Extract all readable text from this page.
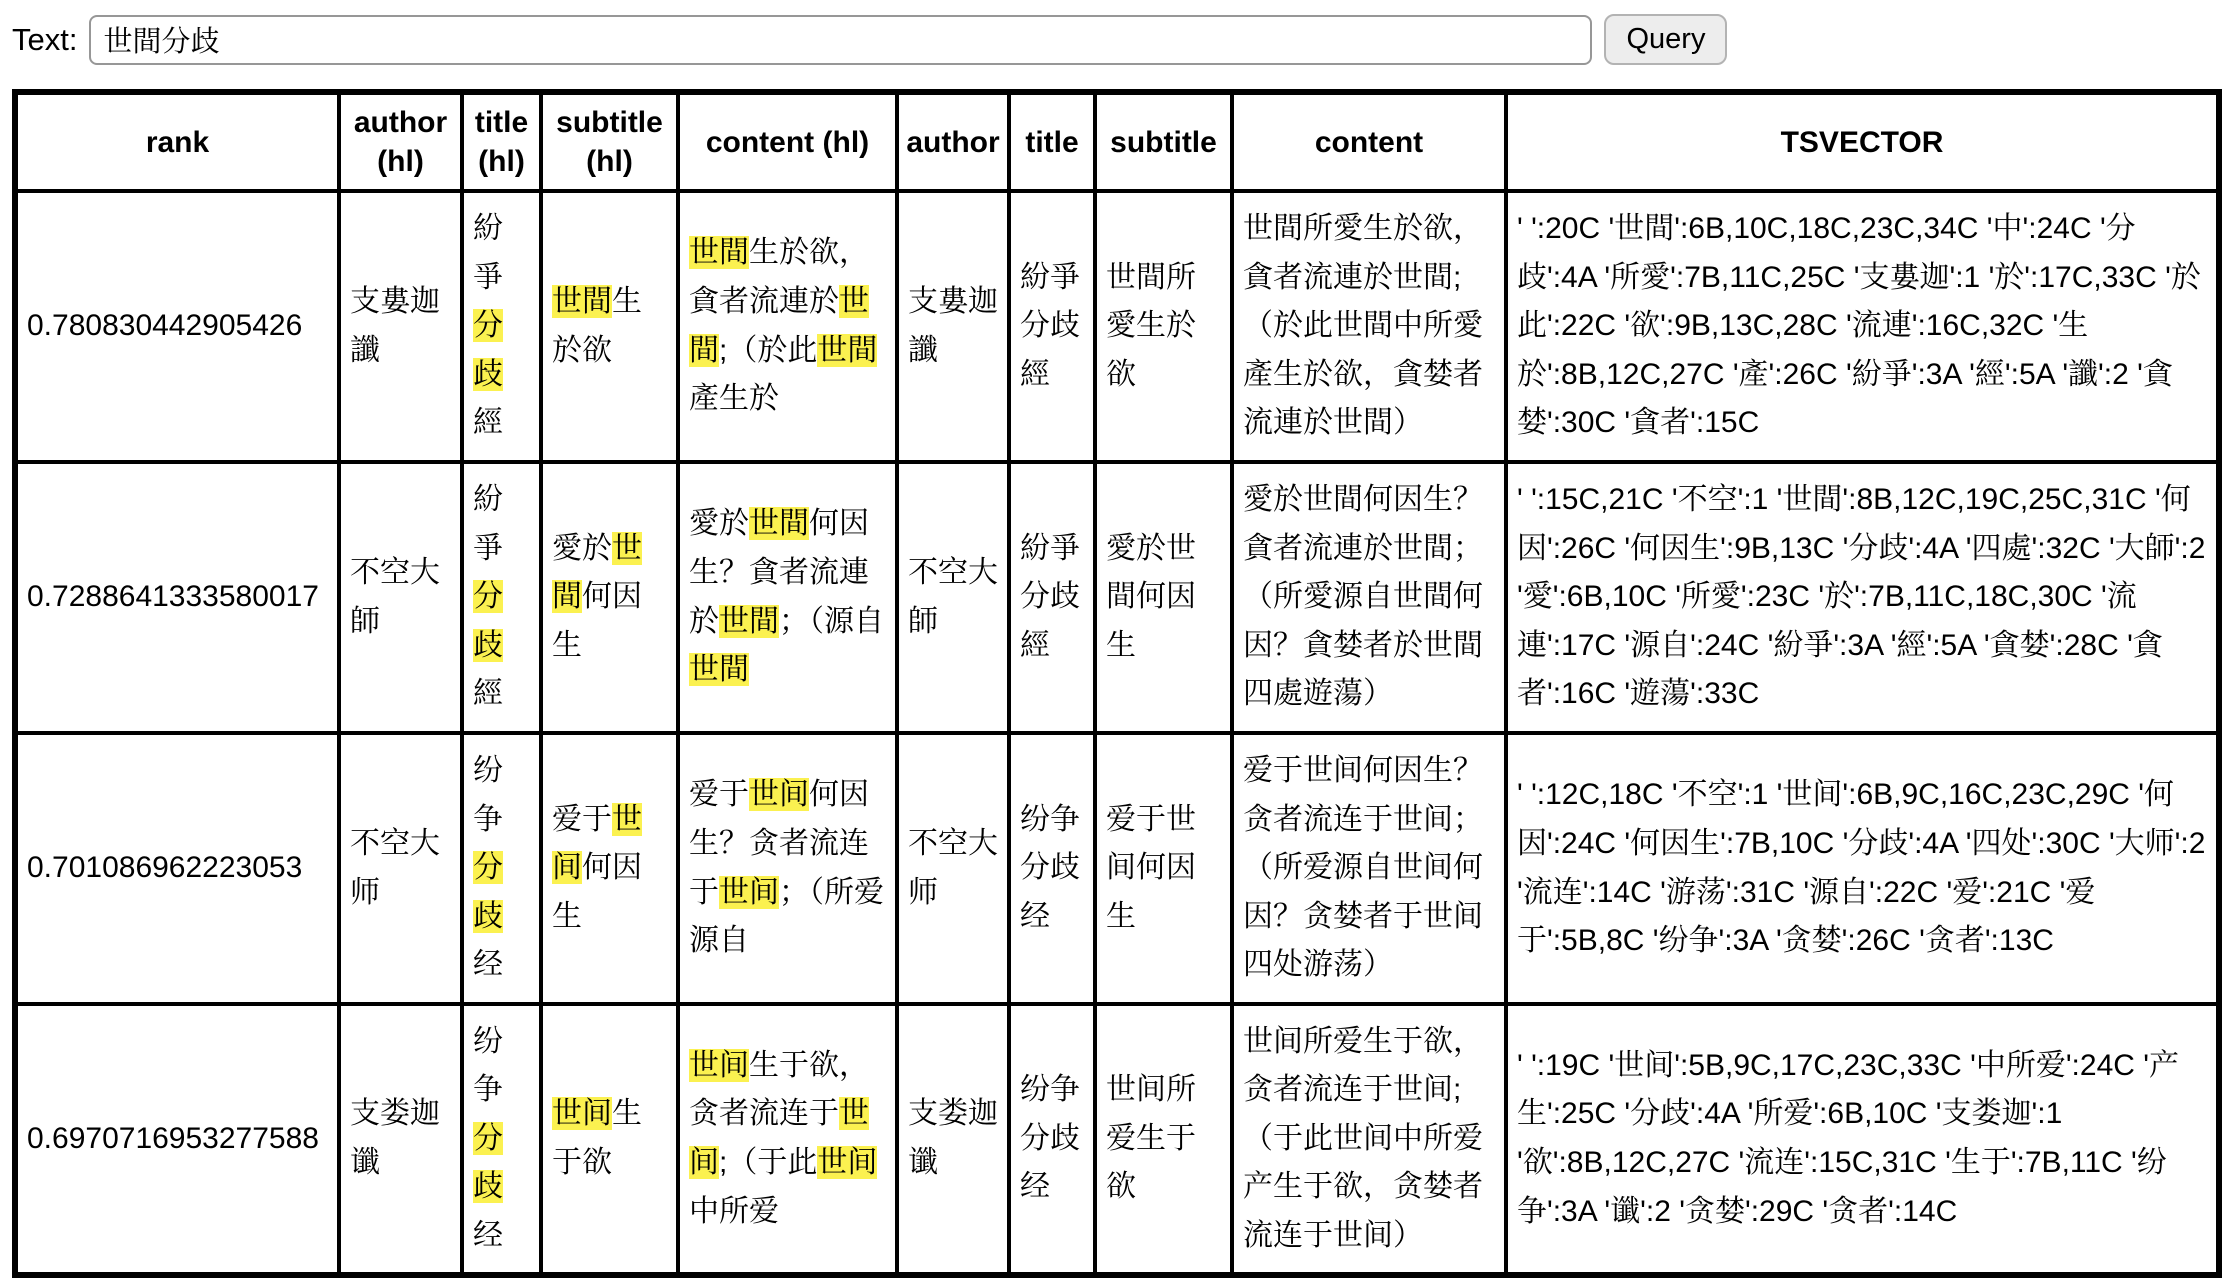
Text:
世間分歧	Query
rank	author (hl)	title (hl)	subtitle (hl)	content (hl)	author	title	subtitle	content	TSVECTOR
0.780830442905426	支婁迦讖	紛爭分歧經	世間生於欲	世間生於欲，貪者流連於世間;（於此世間產生於	支婁迦讖	紛爭分歧經	世間所愛生於欲	世間所愛生於欲，貪者流連於世間;（於此世間中所愛產生於欲，貪婪者流連於世間）	' ':20C '世間':6B,10C,18C,23C,34C '中':24C '分歧':4A '所愛':7B,11C,25C '支婁迦':1 '於':17C,33C '於此':22C '欲':9B,13C,28C '流連':16C,32C '生於':8B,12C,27C '產':26C '紛爭':3A '經':5A '讖':2 '貪婪':30C '貪者':15C
0.7288641333580017	不空大師	紛爭分歧經	愛於世間何因生	愛於世間何因生？貪者流連於世間；（源自世間	不空大師	紛爭分歧經	愛於世間何因生	愛於世間何因生？貪者流連於世間；（所愛源自世間何因？貪婪者於世間四處遊蕩）	' ':15C,21C '不空':1 '世間':8B,12C,19C,25C,31C '何因':26C '何因生':9B,13C '分歧':4A '四處':32C '大師':2 '愛':6B,10C '所愛':23C '於':7B,11C,18C,30C '流連':17C '源自':24C '紛爭':3A '經':5A '貪婪':28C '貪者':16C '遊蕩':33C
0.701086962223053	不空大师	纷争分歧经	爱于世间何因生	爱于世间何因生？贪者流连于世间；（所爱源自	不空大师	纷争分歧经	爱于世间何因生	爱于世间何因生？贪者流连于世间；（所爱源自世间何因？贪婪者于世间四处游荡）	' ':12C,18C '不空':1 '世间':6B,9C,16C,23C,29C '何因':24C '何因生':7B,10C '分歧':4A '四处':30C '大师':2 '流连':14C '游荡':31C '源自':22C '爱':21C '爱于':5B,8C '纷争':3A '贪婪':26C '贪者':13C
0.6970716953277588	支娄迦谶	纷争分歧经	世间生于欲	世间生于欲，贪者流连于世间;（于此世间中所爱	支娄迦谶	纷争分歧经	世间所爱生于欲	世间所爱生于欲，贪者流连于世间;（于此世间中所爱产生于欲，贪婪者流连于世间）	' ':19C '世间':5B,9C,17C,23C,33C '中所爱':24C '产生':25C '分歧':4A '所爱':6B,10C '支娄迦':1 '欲':8B,12C,27C '流连':15C,31C '生于':7B,11C '纷争':3A '谶':2 '贪婪':29C '贪者':14C
